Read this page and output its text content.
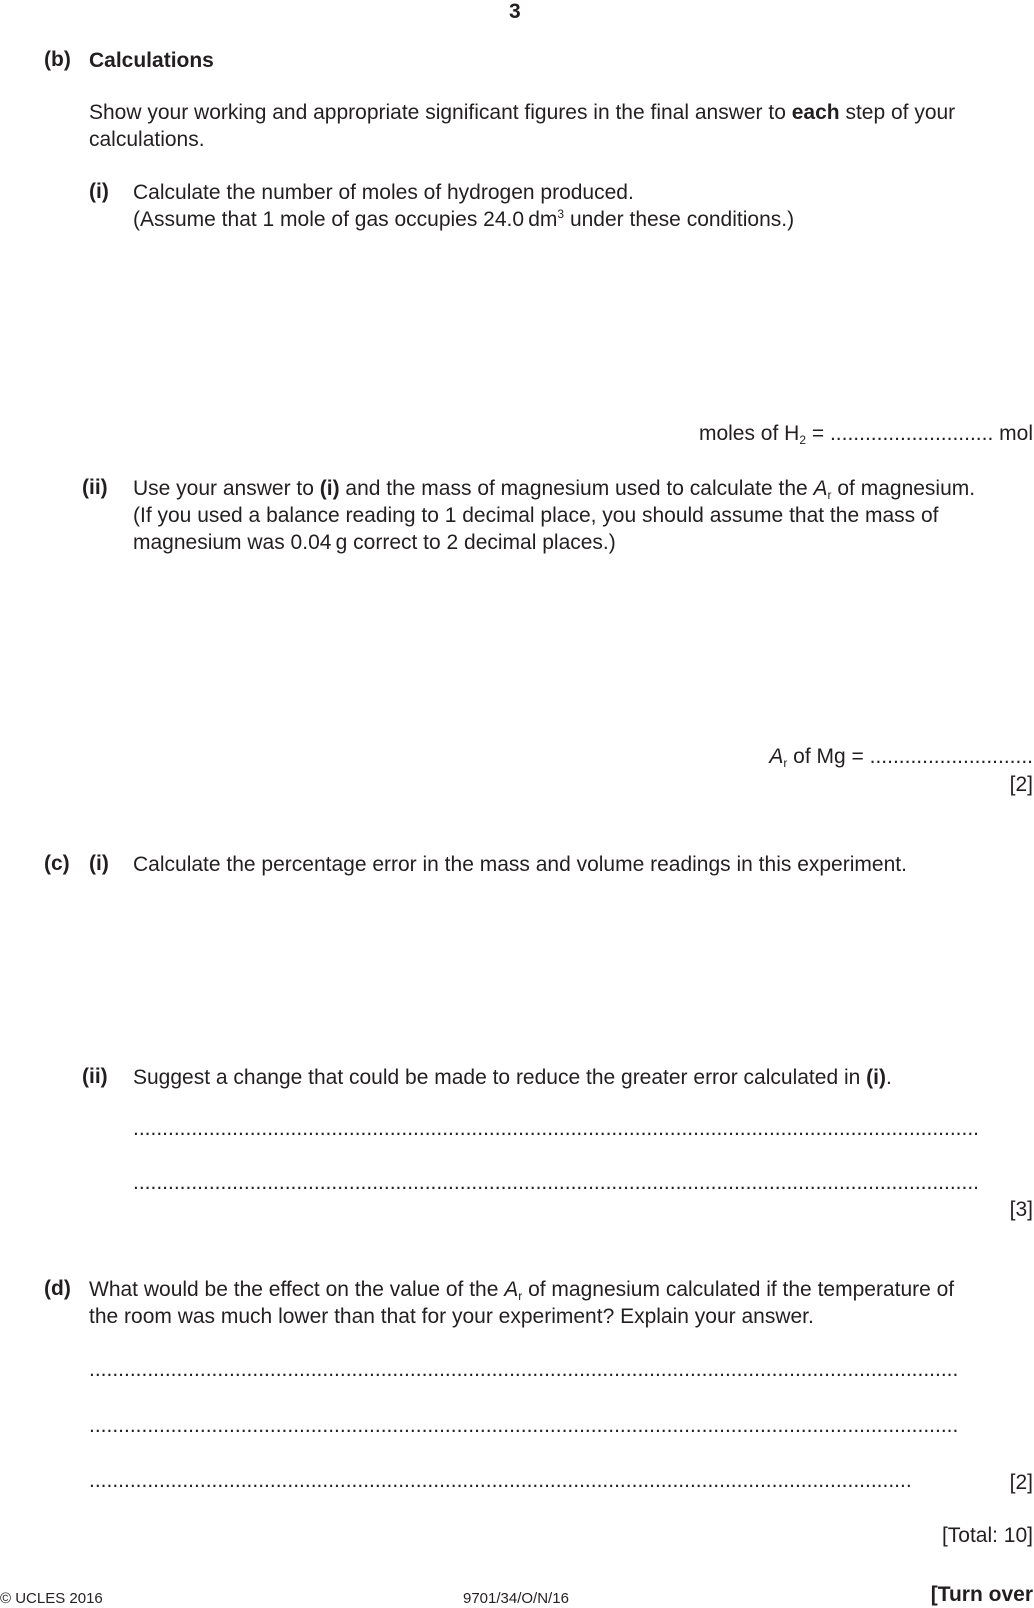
3
(b) Calculations
Show your working and appropriate significant figures in the final answer to each step of your
calculations.
(i) Calculate the number of moles of hydrogen produced.
(Assume that 1 mole of gas occupies 24.0 $dm^3$ under these conditions.)
moles of $H_2$ = ............................ mol
(ii) Use your answer to (i) and the mass of magnesium used to calculate the $A_r$ of magnesium.
(If you used a balance reading to 1 decimal place, you should assume that the mass of
magnesium was 0.04 g correct to 2 decimal places.)
$A_r$ of Mg = ............................
[2]
(c) (i) Calculate the percentage error in the mass and volume readings in this experiment.
(ii) Suggest a change that could be made to reduce the greater error calculated in (i).
.................................................................................................................................................
.................................................................................................................................................
[3]
(d) What would be the effect on the value of the $A_r$ of magnesium calculated if the temperature of
the room was much lower than that for your experiment? Explain your answer.
.....................................................................................................................................................
.....................................................................................................................................................
.............................................................................................................................................	[2]
[Total: 10]
© UCLES 2016	9701/34/O/N/16	[Turn over
